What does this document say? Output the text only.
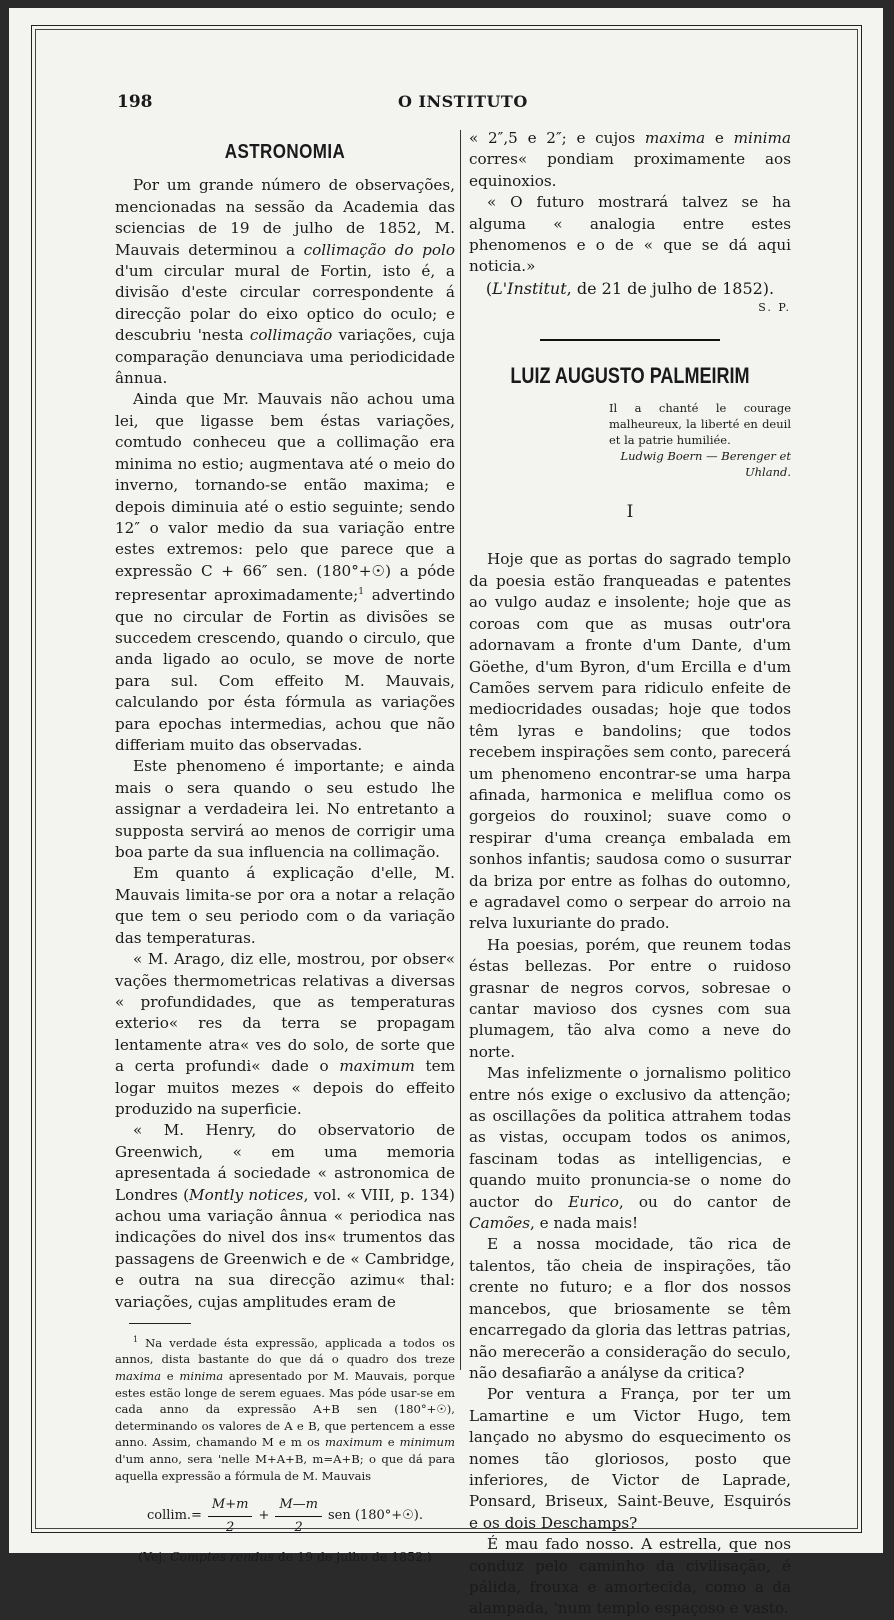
198	O INSTITUTO
ASTRONOMIA

Por um grande número de observações, mencionadas na sessão da Academia das sciencias de 19 de julho de 1852, M. Mauvais determinou a collimação do polo d'um circular mural de Fortin, isto é, a divisão d'este circular correspondente á direcção polar do eixo optico do oculo; e descubriu 'nesta collimação variações, cuja comparação denunciava uma periodicidade ânnua.

Ainda que Mr. Mauvais não achou uma lei, que ligasse bem éstas variações, comtudo conheceu que a collimação era minima no estio; augmentava até o meio do inverno, tornando-se então maxima; e depois diminuia até o estio seguinte; sendo 12″ o valor medio da sua variação entre estes extremos: pelo que parece que a expressão C + 66″ sen. (180°+☉) a póde representar aproximadamente;$^1$ advertindo que no circular de Fortin as divisões se succedem crescendo, quando o circulo, que anda ligado ao oculo, se move de norte para sul. Com effeito M. Mauvais, calculando por ésta fórmula as variações para epochas intermedias, achou que não differiam muito das observadas.

Este phenomeno é importante; e ainda mais o sera quando o seu estudo lhe assignar a verdadeira lei. No entretanto a supposta servirá ao menos de corrigir uma boa parte da sua influencia na collimação.

Em quanto á explicação d'elle, M. Mauvais limita-se por ora a notar a relação que tem o seu periodo com o da variação das temperaturas.

« M. Arago, diz elle, mostrou, por obser« vações thermometricas relativas a diversas « profundidades, que as temperaturas exterio« res da terra se propagam lentamente atra« ves do solo, de sorte que a certa profundi« dade o maximum tem logar muitos mezes « depois do effeito produzido na superficie.

« M. Henry, do observatorio de Greenwich, « em uma memoria apresentada á sociedade « astronomica de Londres (Montly notices, vol. « VIII, p. 134) achou uma variação ânnua « periodica nas indicações do nivel dos ins« trumentos das passagens de Greenwich e de « Cambridge, e outra na sua direcção azimu« thal: variações, cujas amplitudes eram de

$^1$ Na verdade ésta expressão, applicada a todos os annos, dista bastante do que dá o quadro dos treze maxima e minima apresentado por M. Mauvais, porque estes estão longe de serem eguaes. Mas póde usar-se em cada anno da expressão A+B sen (180°+☉), determinando os valores de A e B, que pertencem a esse anno. Assim, chamando M e m os maximum e minimum d'um anno, sera 'nelle M+A+B, m=A+B; o que dá para aquella expressão a fórmula de M. Mauvais

$collim.= \frac{M+m}{2} + \frac{M—m}{2}$ sen (180°+☉).
(Vej. Comptes rendus de 19 de julho de 1852.)

« 2″,5 e 2″; e cujos maxima e minima corres« pondiam proximamente aos equinoxios.

« O futuro mostrará talvez se ha alguma « analogia entre estes phenomenos e o de « que se dá aqui noticia.»

(L'Institut, de 21 de julho de 1852).

S. P.
LUIZ AUGUSTO PALMEIRIM
Il a chanté le courage malheureux, la liberté en deuil et la patrie humiliée.
Ludwig Boern — Berenger et Uhland.
I

Hoje que as portas do sagrado templo da poesia estão franqueadas e patentes ao vulgo audaz e insolente; hoje que as coroas com que as musas outr'ora adornavam a fronte d'um Dante, d'um Göethe, d'um Byron, d'um Ercilla e d'um Camões servem para ridiculo enfeite de mediocridades ousadas; hoje que todos têm lyras e bandolins; que todos recebem inspirações sem conto, parecerá um phenomeno encontrar-se uma harpa afinada, harmonica e meliflua como os gorgeios do rouxinol; suave como o respirar d'uma creança embalada em sonhos infantis; saudosa como o susurrar da briza por entre as folhas do outomno, e agradavel como o serpear do arroio na relva luxuriante do prado.

Ha poesias, porém, que reunem todas éstas bellezas. Por entre o ruidoso grasnar de negros corvos, sobresae o cantar mavioso dos cysnes com sua plumagem, tão alva como a neve do norte.

Mas infelizmente o jornalismo politico entre nós exige o exclusivo da attenção; as oscillações da politica attrahem todas as vistas, occupam todos os animos, fascinam todas as intelligencias, e quando muito pronuncia-se o nome do auctor do Eurico, ou do cantor de Camões, e nada mais!

E a nossa mocidade, tão rica de talentos, tão cheia de inspirações, tão crente no futuro; e a flor dos nossos mancebos, que briosamente se têm encarregado da gloria das lettras patrias, não merecerão a consideração do seculo, não desafiarão a anályse da critica?

Por ventura a França, por ter um Lamartine e um Victor Hugo, tem lançado no abysmo do esquecimento os nomes tão gloriosos, posto que inferiores, de Victor de Laprade, Ponsard, Briseux, Saint-Beuve, Esquirós e os dois Deschamps?

É mau fado nosso. A estrella, que nos conduz pelo caminho da civilisação, é pálida, frouxa e amortecida, como a da alampada, 'num templo espaçoso e vasto.
